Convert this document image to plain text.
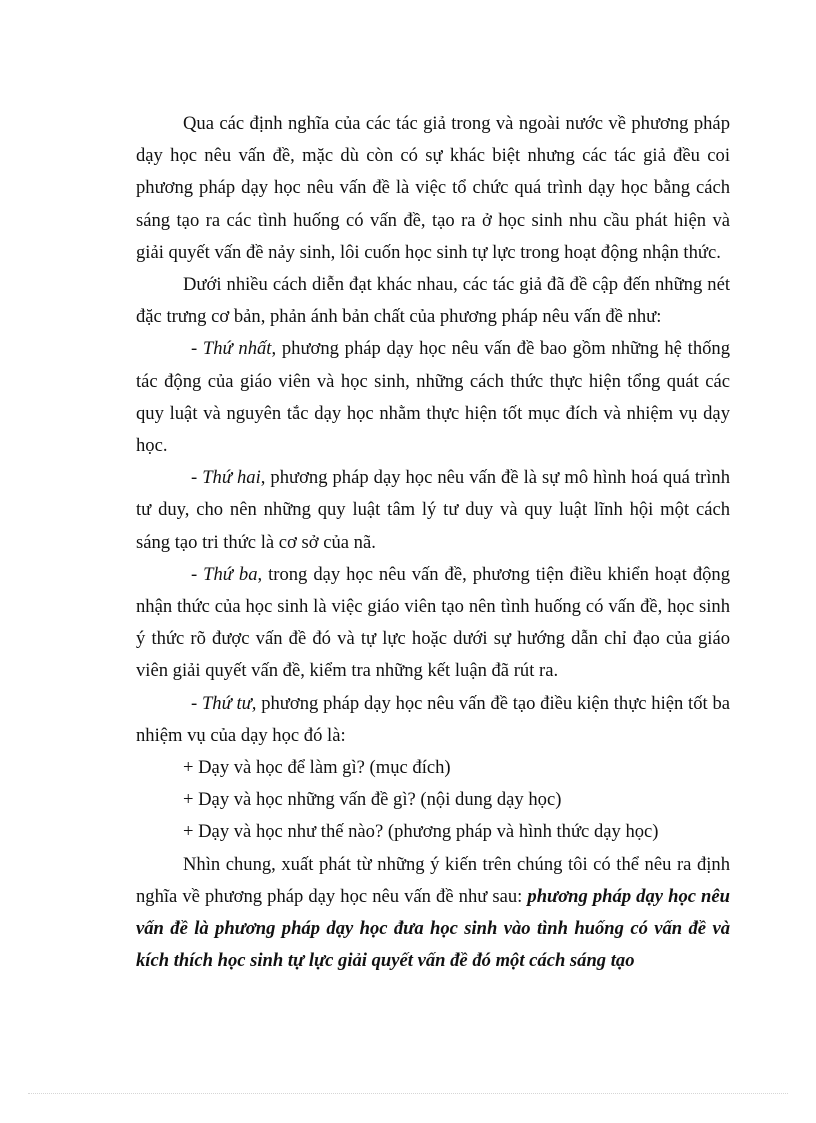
Qua các định nghĩa của các tác giả trong và ngoài nước về phương pháp dạy học nêu vấn đề, mặc dù còn có sự khác biệt nhưng các tác giả đều coi phương pháp dạy học nêu vấn đề là việc tổ chức quá trình dạy học bằng cách sáng tạo ra các tình huống có vấn đề, tạo ra ở học sinh nhu cầu phát hiện và giải quyết vấn đề nảy sinh, lôi cuốn học sinh tự lực trong hoạt động nhận thức.

Dưới nhiều cách diễn đạt khác nhau, các tác giả đã đề cập đến những nét đặc trưng cơ bản, phản ánh bản chất của phương pháp nêu vấn đề như:

- Thứ nhất, phương pháp dạy học nêu vấn đề bao gồm những hệ thống tác động của giáo viên và học sinh, những cách thức thực hiện tổng quát các quy luật và nguyên tắc dạy học nhằm thực hiện tốt mục đích và nhiệm vụ dạy học.

- Thứ hai, phương pháp dạy học nêu vấn đề là sự mô hình hoá quá trình tư duy, cho nên những quy luật tâm lý tư duy và quy luật lĩnh hội một cách sáng tạo tri thức là cơ sở của nã.

- Thứ ba, trong dạy học nêu vấn đề, phương tiện điều khiển hoạt động nhận thức của học sinh là việc giáo viên tạo nên tình huống có vấn đề, học sinh ý thức rõ được vấn đề đó và tự lực hoặc dưới sự hướng dẫn chỉ đạo của giáo viên giải quyết vấn đề, kiểm tra những kết luận đã rút ra.

- Thứ tư, phương pháp dạy học nêu vấn đề tạo điều kiện thực hiện tốt ba nhiệm vụ của dạy học đó là:

+ Dạy và học để làm gì? (mục đích)

+ Dạy và học những vấn đề gì? (nội dung dạy học)

+ Dạy và học như thế nào? (phương pháp và hình thức dạy học)

Nhìn chung, xuất phát từ những ý kiến trên chúng tôi có thể nêu ra định nghĩa về phương pháp dạy học nêu vấn đề như sau: phương pháp dạy học nêu vấn đề là phương pháp dạy học đưa học sinh vào tình huống có vấn đề và kích thích học sinh tự lực giải quyết vấn đề đó một cách sáng tạo
